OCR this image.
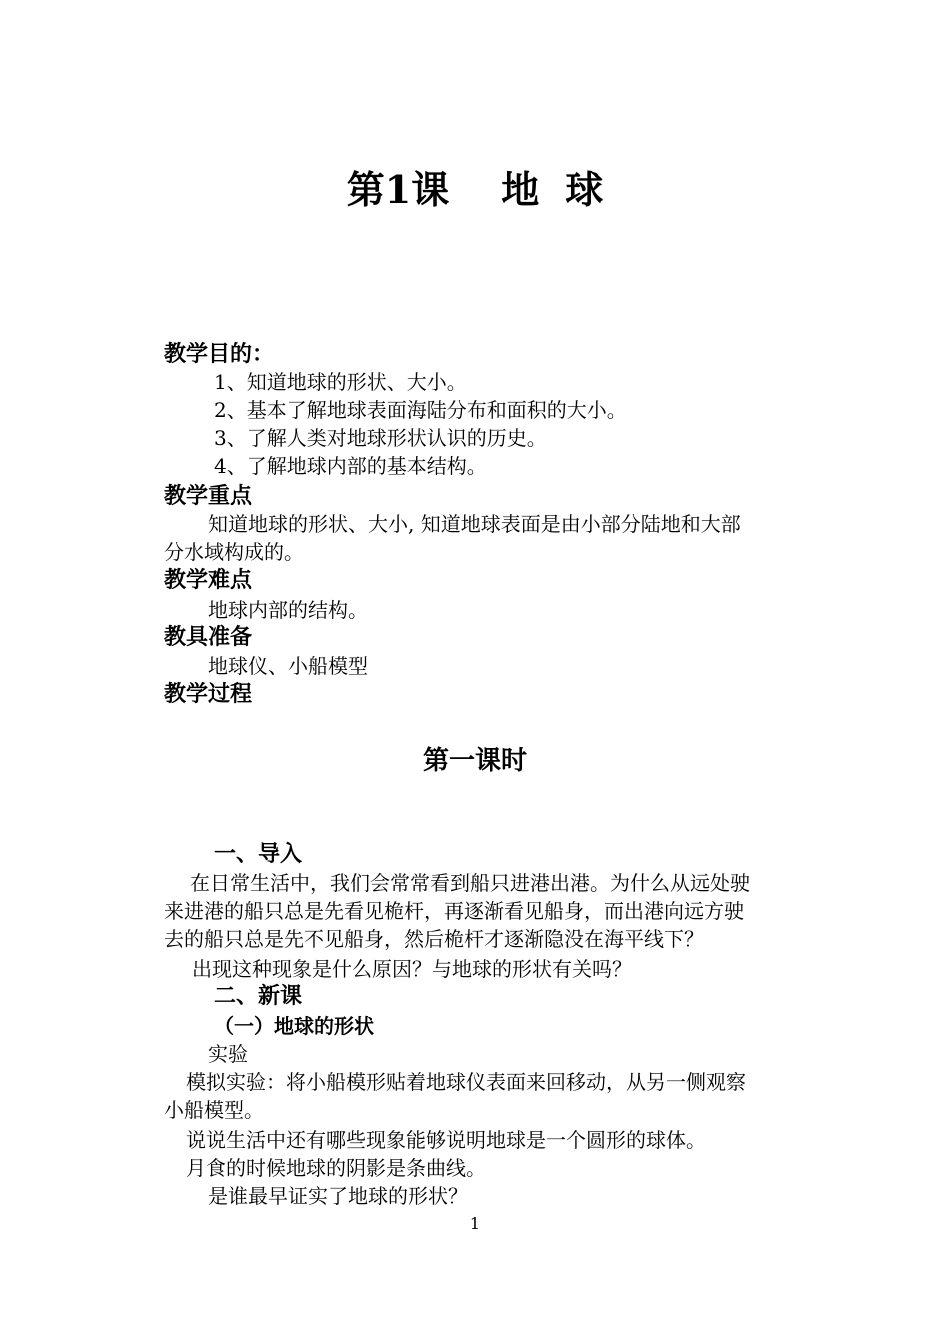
第1课 地 球
教学目的：
1、知道地球的形状、大小。
2、基本了解地球表面海陆分布和面积的大小。
3、了解人类对地球形状认识的历史。
4、了解地球内部的基本结构。
教学重点
知道地球的形状、大小, 知道地球表面是由小部分陆地和大部
分水域构成的。
教学难点
地球内部的结构。
教具准备
地球仪、小船模型
教学过程
第一课时
一、导入
在日常生活中，我们会常常看到船只进港出港。为什么从远处驶
来进港的船只总是先看见桅杆，再逐渐看见船身，而出港向远方驶
去的船只总是先不见船身，然后桅杆才逐渐隐没在海平线下？
出现这种现象是什么原因？与地球的形状有关吗？
二、新课
（一）地球的形状
实验
模拟实验：将小船模形贴着地球仪表面来回移动，从另一侧观察
小船模型。
说说生活中还有哪些现象能够说明地球是一个圆形的球体。
月食的时候地球的阴影是条曲线。
是谁最早证实了地球的形状？
1
